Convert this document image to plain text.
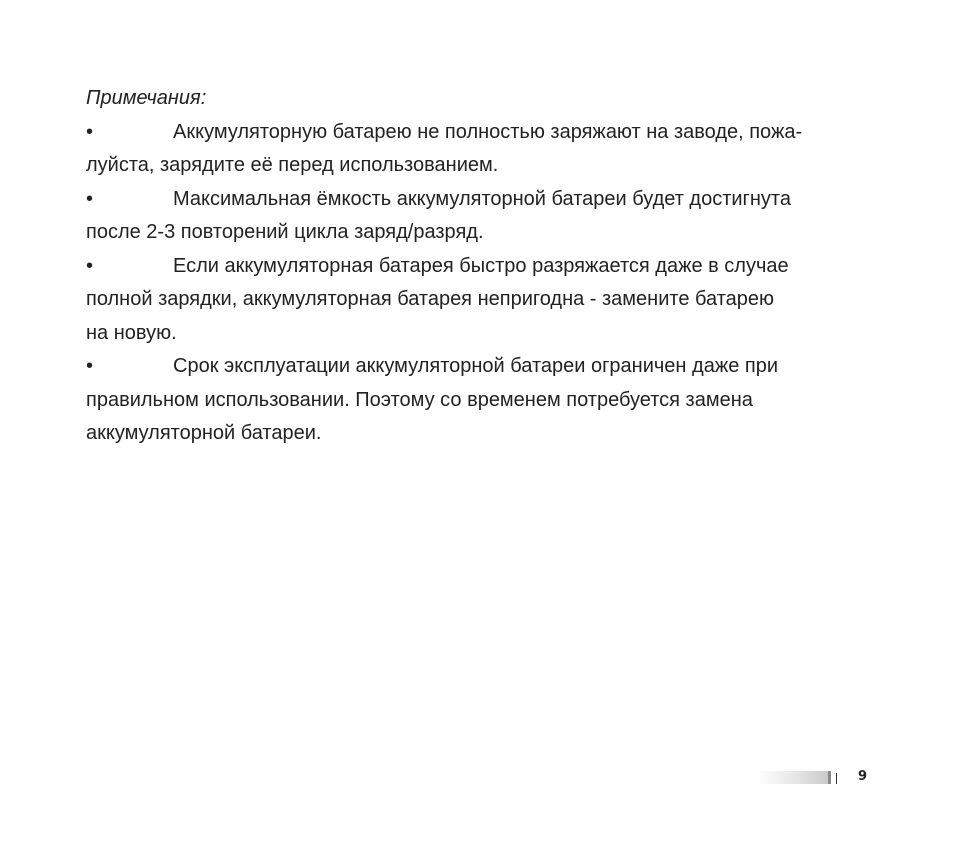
Примечания:

•	Аккумуляторную батарею не полностью заряжают на заводе, пожа-
луйста, зарядите её перед использованием.
•	Максимальная ёмкость аккумуляторной батареи будет достигнута
после 2-3 повторений цикла заряд/разряд.
•	Если аккумуляторная батарея быстро разряжается даже в случае
полной зарядки, аккумуляторная батарея непригодна - замените батарею
на новую.
•	Срок эксплуатации аккумуляторной батареи ограничен даже при
правильном использовании. Поэтому со временем потребуется замена
аккумуляторной батареи.
9
